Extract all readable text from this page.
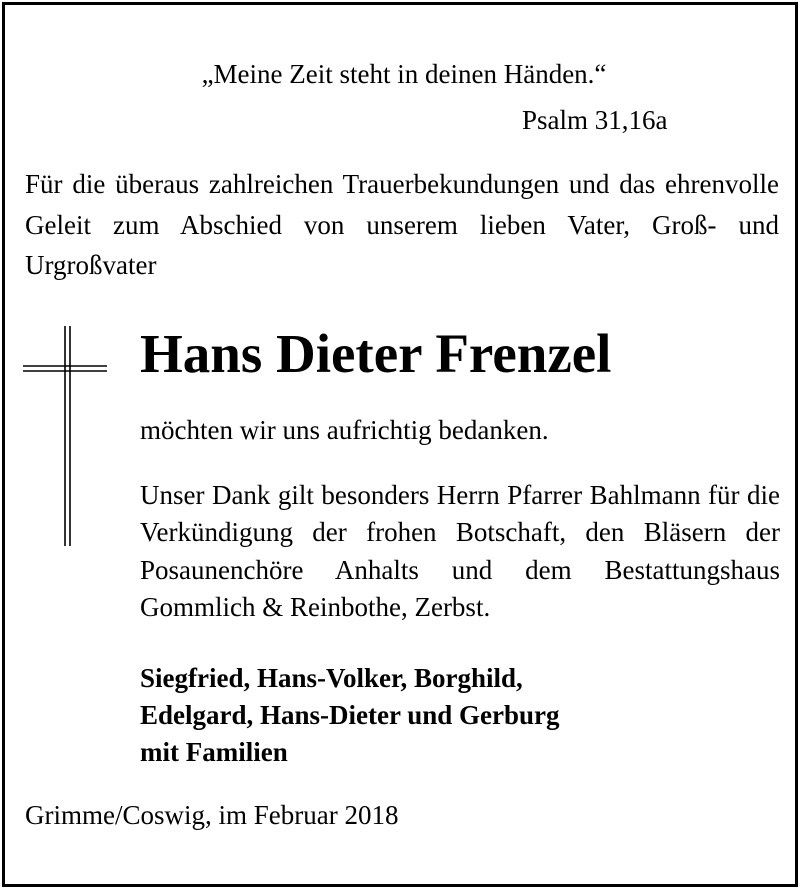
„Meine Zeit steht in deinen Händen.“
Psalm 31,16a
Für die überaus zahlreichen Trauerbekundungen und das ehrenvolle Geleit zum Abschied von unserem lieben Vater, Groß- und Urgroßvater
Hans Dieter Frenzel
möchten wir uns aufrichtig bedanken.
Unser Dank gilt besonders Herrn Pfarrer Bahlmann für die Verkündigung der frohen Botschaft, den Bläsern der Posaunenchöre Anhalts und dem Bestattungshaus Gommlich & Reinbothe, Zerbst.
Siegfried, Hans-Volker, Borghild,
Edelgard, Hans-Dieter und Gerburg
mit Familien
Grimme/Coswig, im Februar 2018
